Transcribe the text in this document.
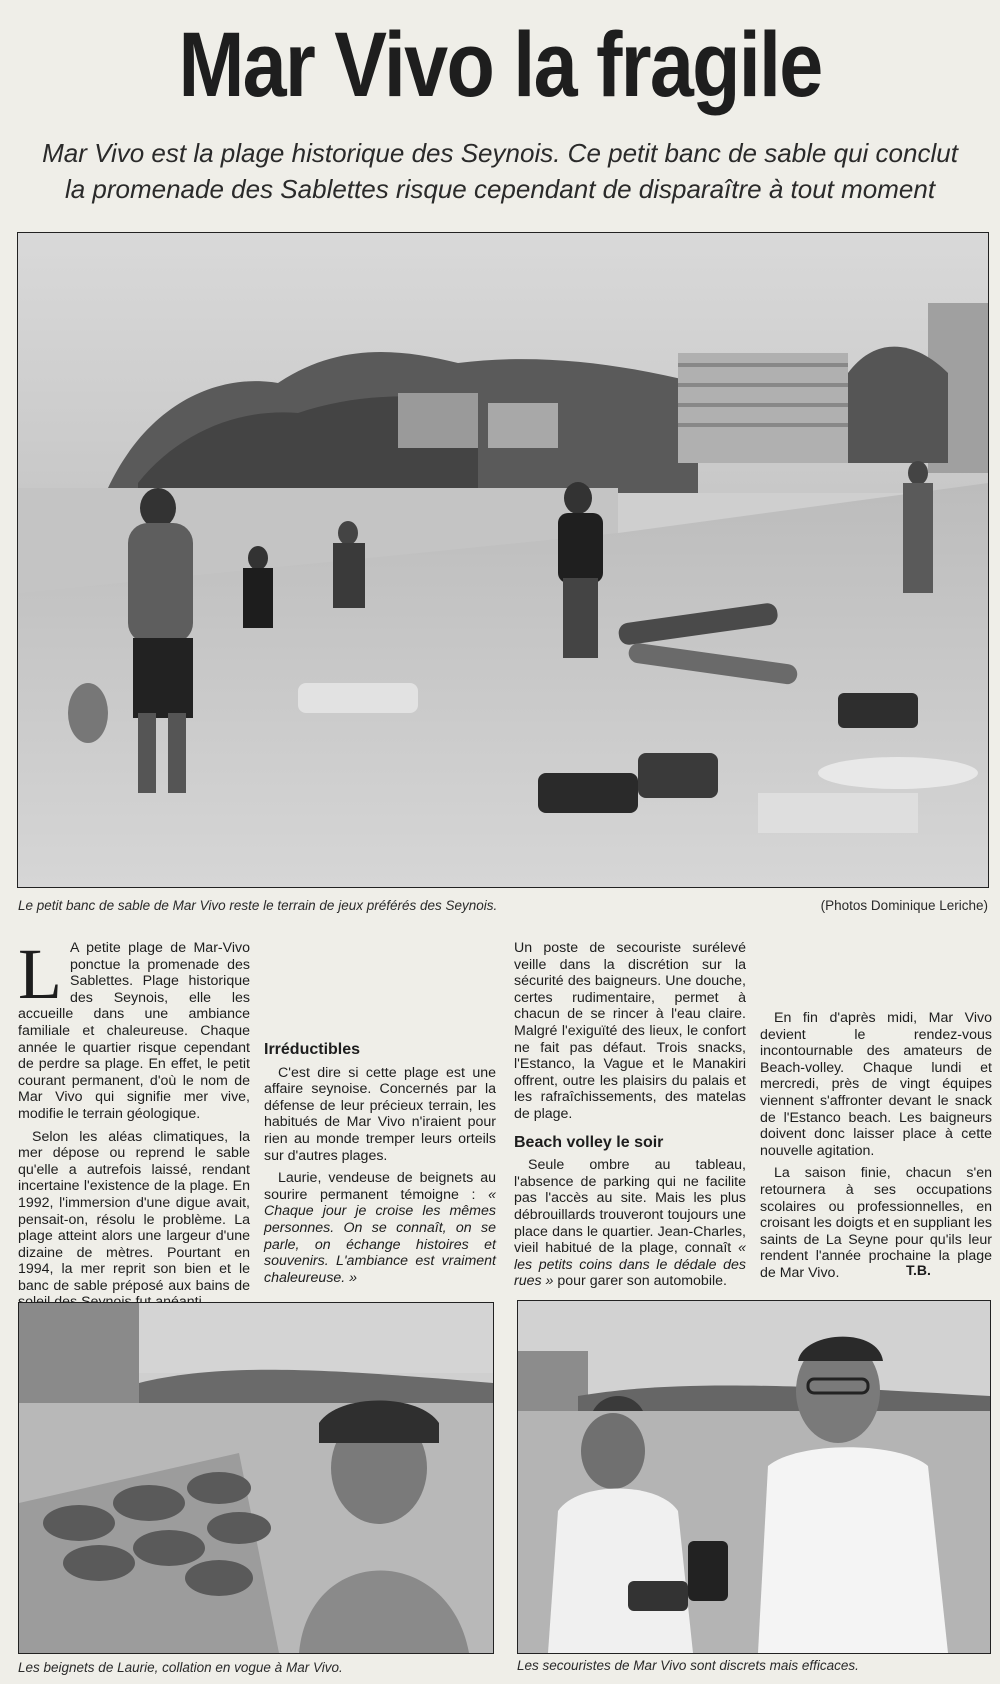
Mar Vivo la fragile
Mar Vivo est la plage historique des Seynois. Ce petit banc de sable qui conclut la promenade des Sablettes risque cependant de disparaître à tout moment
Le petit banc de sable de Mar Vivo reste le terrain de jeux préférés des Seynois.	(Photos Dominique Leriche)

L A petite plage de Mar-Vivo ponctue la promenade des Sablettes. Plage historique des Seynois, elle les accueille dans une ambiance familiale et chaleureuse. Chaque année le quartier risque cependant de perdre sa plage. En effet, le petit courant permanent, d'où le nom de Mar Vivo qui signifie mer vive, modifie le terrain géologique.

Selon les aléas climatiques, la mer dépose ou reprend le sable qu'elle a autrefois laissé, rendant incertaine l'existence de la plage. En 1992, l'immersion d'une digue avait, pensait-on, résolu le problème. La plage atteint alors une largeur d'une dizaine de mètres. Pourtant en 1994, la mer reprit son bien et le banc de sable préposé aux bains de

Irréductibles

C'est dire si cette plage est une affaire seynoise. Concernés par la défense de leur précieux terrain, les habitués de Mar Vivo n'iraient pour rien au monde tremper leurs orteils sur d'autres plages.

Laurie, vendeuse de beignets au sourire permanent témoigne : « Chaque jour je croise les mêmes personnes. On se connaît, on se parle, on échange histoires et souvenirs. L'ambiance est vraiment chaleureuse. »

Un poste de secouriste surélevé veille dans la discrétion sur la sécurité des baigneurs. Une douche, certes rudimentaire, permet à chacun de se rincer à l'eau claire. Malgré l'exiguïté des lieux, le confort ne fait pas défaut. Trois snacks, l'Estanco, la Vague et le Manakiri offrent, outre les plaisirs du palais et les rafraîchissements, des matelas de plage.

Beach volley le soir

Seule ombre au tableau, l'absence de parking qui ne facilite pas l'accès au site. Mais les plus débrouillards trouveront toujours une place dans le quartier. Jean-Charles, vieil habitué de la plage, connaît « les petits coins dans le dédale des rues » pour garer son automobile.

En fin d'après midi, Mar Vivo devient le rendez-vous incontournable des amateurs de Beach-volley. Chaque lundi et mercredi, près de vingt équipes viennent s'affronter devant le snack de l'Estanco beach. Les baigneurs doivent donc laisser place à cette nouvelle agitation.

La saison finie, chacun s'en retournera à ses occupations scolaires ou professionnelles, en croisant les doigts et en suppliant les saints de La Seyne pour qu'ils leur rendent l'année prochaine la plage de Mar Vivo.	T.B.
Les beignets de Laurie, collation en vogue à Mar Vivo.	Les secouristes de Mar Vivo sont discrets mais efficaces.
